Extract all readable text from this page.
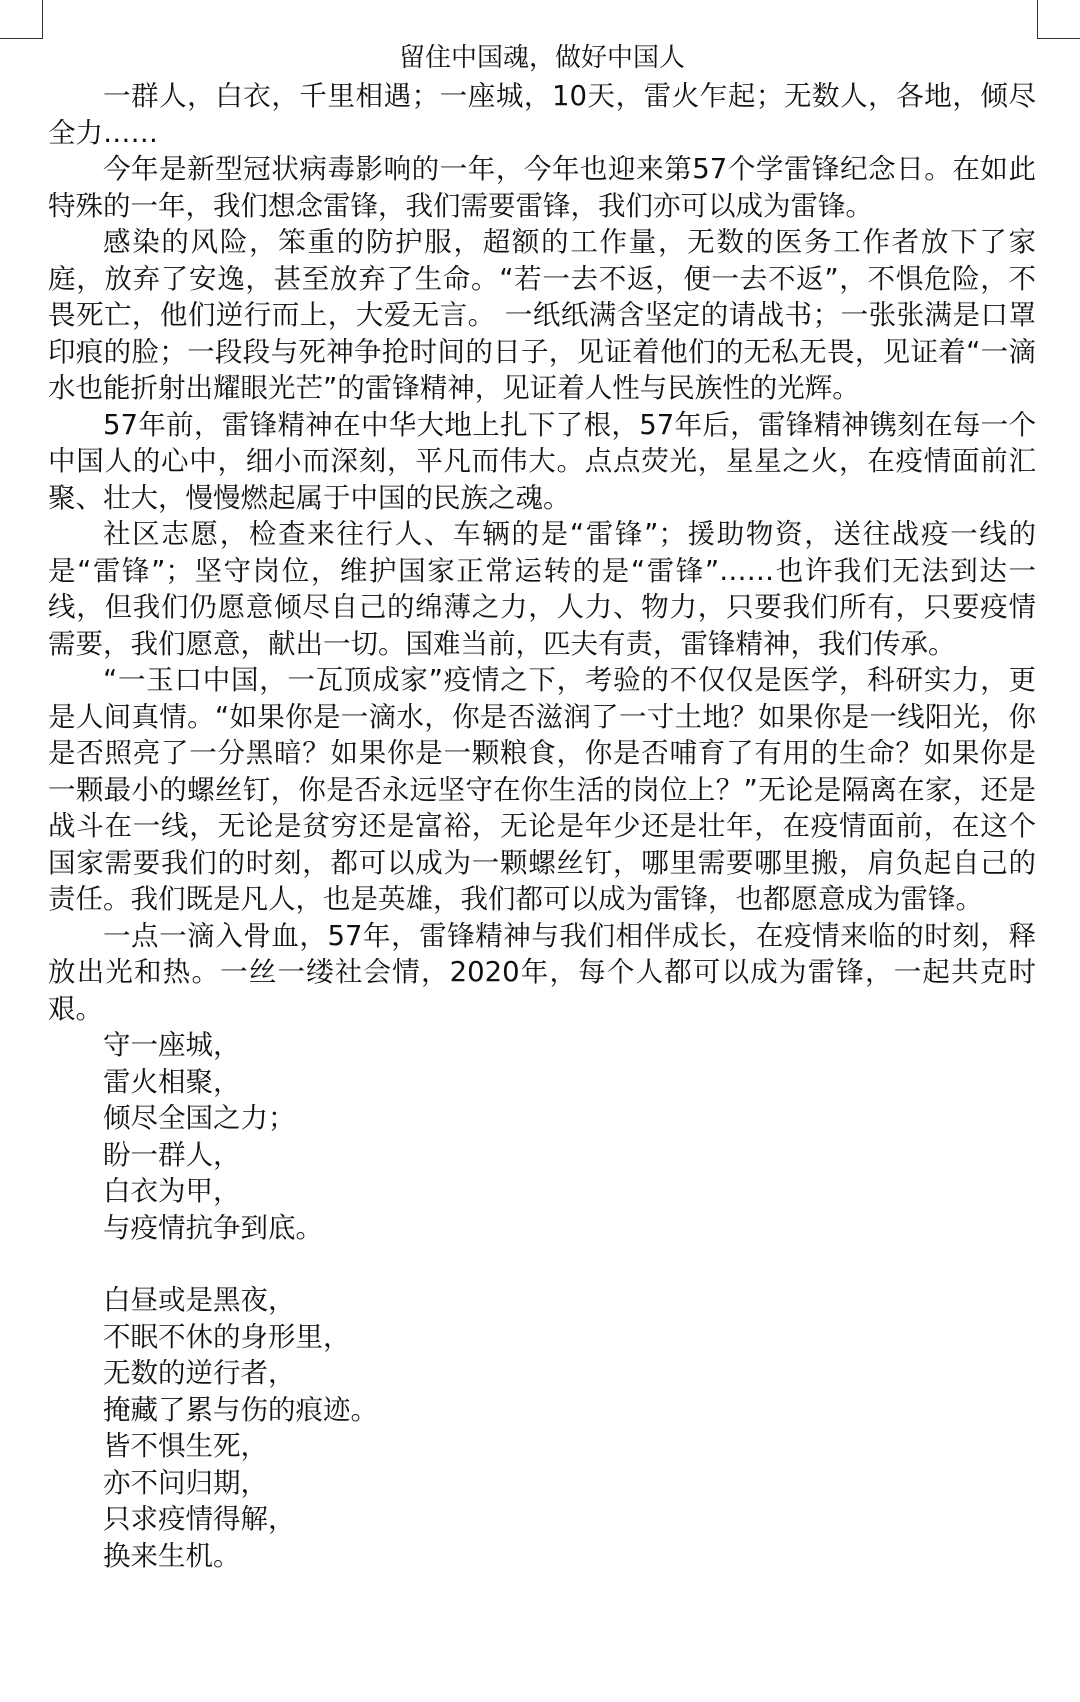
留住中国魂，做好中国人

一群人，白衣，千里相遇；一座城，10天，雷火乍起；无数人，各地，倾尽全力……

今年是新型冠状病毒影响的一年，今年也迎来第57个学雷锋纪念日。在如此特殊的一年，我们想念雷锋，我们需要雷锋，我们亦可以成为雷锋。

感染的风险，笨重的防护服，超额的工作量，无数的医务工作者放下了家庭，放弃了安逸，甚至放弃了生命。“若一去不返，便一去不返”，不惧危险，不畏死亡，他们逆行而上，大爱无言。 一纸纸满含坚定的请战书；一张张满是口罩印痕的脸；一段段与死神争抢时间的日子，见证着他们的无私无畏，见证着“一滴水也能折射出耀眼光芒”的雷锋精神，见证着人性与民族性的光辉。

57年前，雷锋精神在中华大地上扎下了根，57年后，雷锋精神镌刻在每一个中国人的心中，细小而深刻，平凡而伟大。点点荧光，星星之火，在疫情面前汇聚、壮大，慢慢燃起属于中国的民族之魂。

社区志愿，检查来往行人、车辆的是“雷锋”；援助物资，送往战疫一线的是“雷锋”；坚守岗位，维护国家正常运转的是“雷锋”……也许我们无法到达一线，但我们仍愿意倾尽自己的绵薄之力，人力、物力，只要我们所有，只要疫情需要，我们愿意，献出一切。国难当前，匹夫有责，雷锋精神，我们传承。

“一玉口中国，一瓦顶成家”疫情之下，考验的不仅仅是医学，科研实力，更是人间真情。“如果你是一滴水，你是否滋润了一寸土地？如果你是一线阳光，你是否照亮了一分黑暗？如果你是一颗粮食，你是否哺育了有用的生命？如果你是一颗最小的螺丝钉，你是否永远坚守在你生活的岗位上？”无论是隔离在家，还是战斗在一线，无论是贫穷还是富裕，无论是年少还是壮年，在疫情面前，在这个国家需要我们的时刻，都可以成为一颗螺丝钉，哪里需要哪里搬，肩负起自己的责任。我们既是凡人，也是英雄，我们都可以成为雷锋，也都愿意成为雷锋。

一点一滴入骨血，57年，雷锋精神与我们相伴成长，在疫情来临的时刻，释放出光和热。一丝一缕社会情，2020年，每个人都可以成为雷锋，一起共克时艰。

守一座城，
雷火相聚，
倾尽全国之力；
盼一群人，
白衣为甲，
与疫情抗争到底。
白昼或是黑夜，
不眠不休的身形里，
无数的逆行者，
掩藏了累与伤的痕迹。
皆不惧生死，
亦不问归期，
只求疫情得解，
换来生机。
